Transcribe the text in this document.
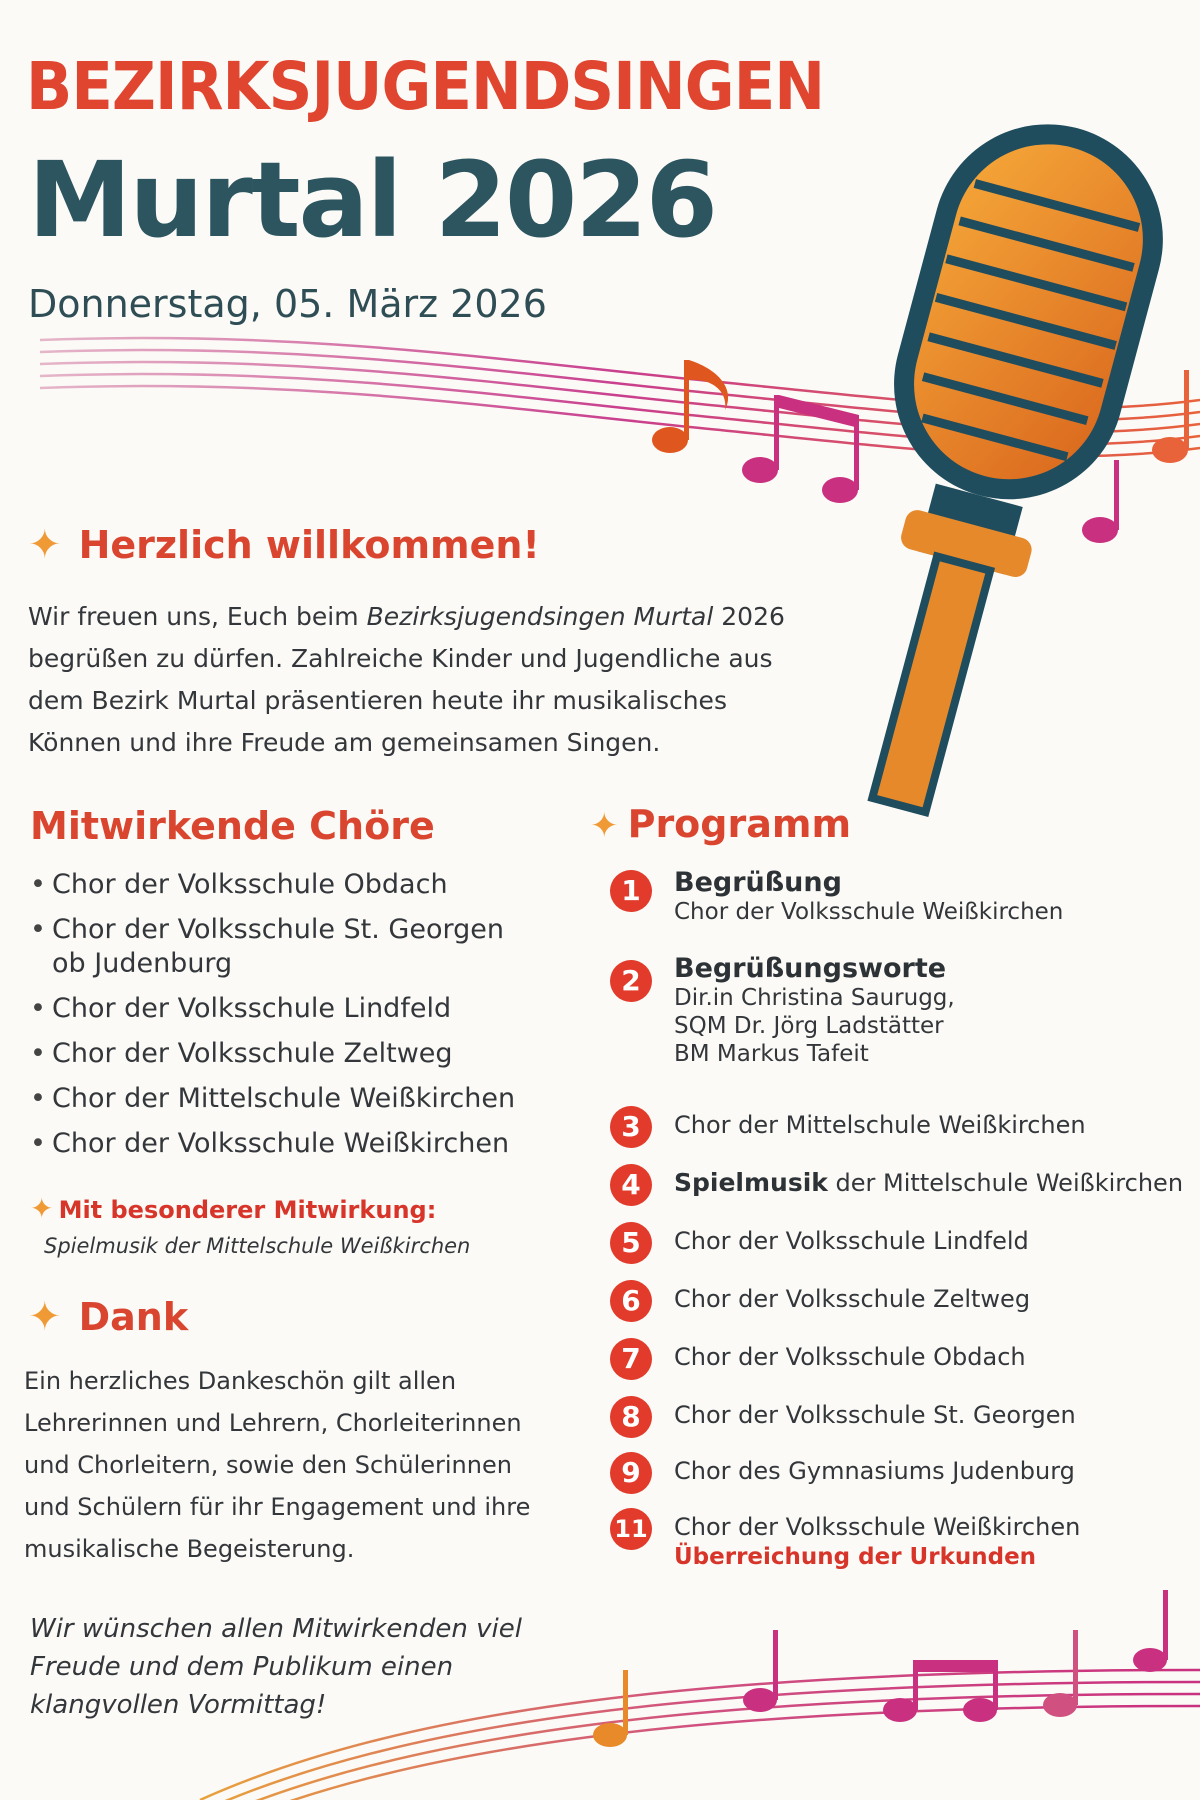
BEZIRKSJUGENDSINGEN
Murtal 2026
Donnerstag, 05. März 2026
✦ Herzlich willkommen!
Wir freuen uns, Euch beim Bezirksjugendsingen Murtal 2026 begrüßen zu dürfen. Zahlreiche Kinder und Jugendliche aus dem Bezirk Murtal präsentieren heute ihr musikalisches Können und ihre Freude am gemeinsamen Singen.
Mitwirkende Chöre
• Chor der Volksschule Obdach
• Chor der Volksschule St. Georgen ob Judenburg
• Chor der Volksschule Lindfeld
• Chor der Volksschule Zeltweg
• Chor der Mittelschule Weißkirchen
• Chor der Volksschule Weißkirchen
✦ Mit besonderer Mitwirkung:
Spielmusik der Mittelschule Weißkirchen
✦ Dank
Ein herzliches Dankeschön gilt allen Lehrerinnen und Lehrern, Chorleiterinnen und Chorleitern, sowie den Schülerinnen und Schülern für ihr Engagement und ihre musikalische Begeisterung.
Wir wünschen allen Mitwirkenden viel Freude und dem Publikum einen klangvollen Vormittag!
✦ Programm
1	Begrüßung
Chor der Volksschule Weißkirchen
2	Begrüßungsworte
Dir.in Christina Saurugg,
SQM Dr. Jörg Ladstätter
BM Markus Tafeit
3	Chor der Mittelschule Weißkirchen
4	Spielmusik der Mittelschule Weißkirchen
5	Chor der Volksschule Lindfeld
6	Chor der Volksschule Zeltweg
7	Chor der Volksschule Obdach
8	Chor der Volksschule St. Georgen
9	Chor des Gymnasiums Judenburg
11 Chor der Volksschule Weißkirchen
Überreichung der Urkunden
